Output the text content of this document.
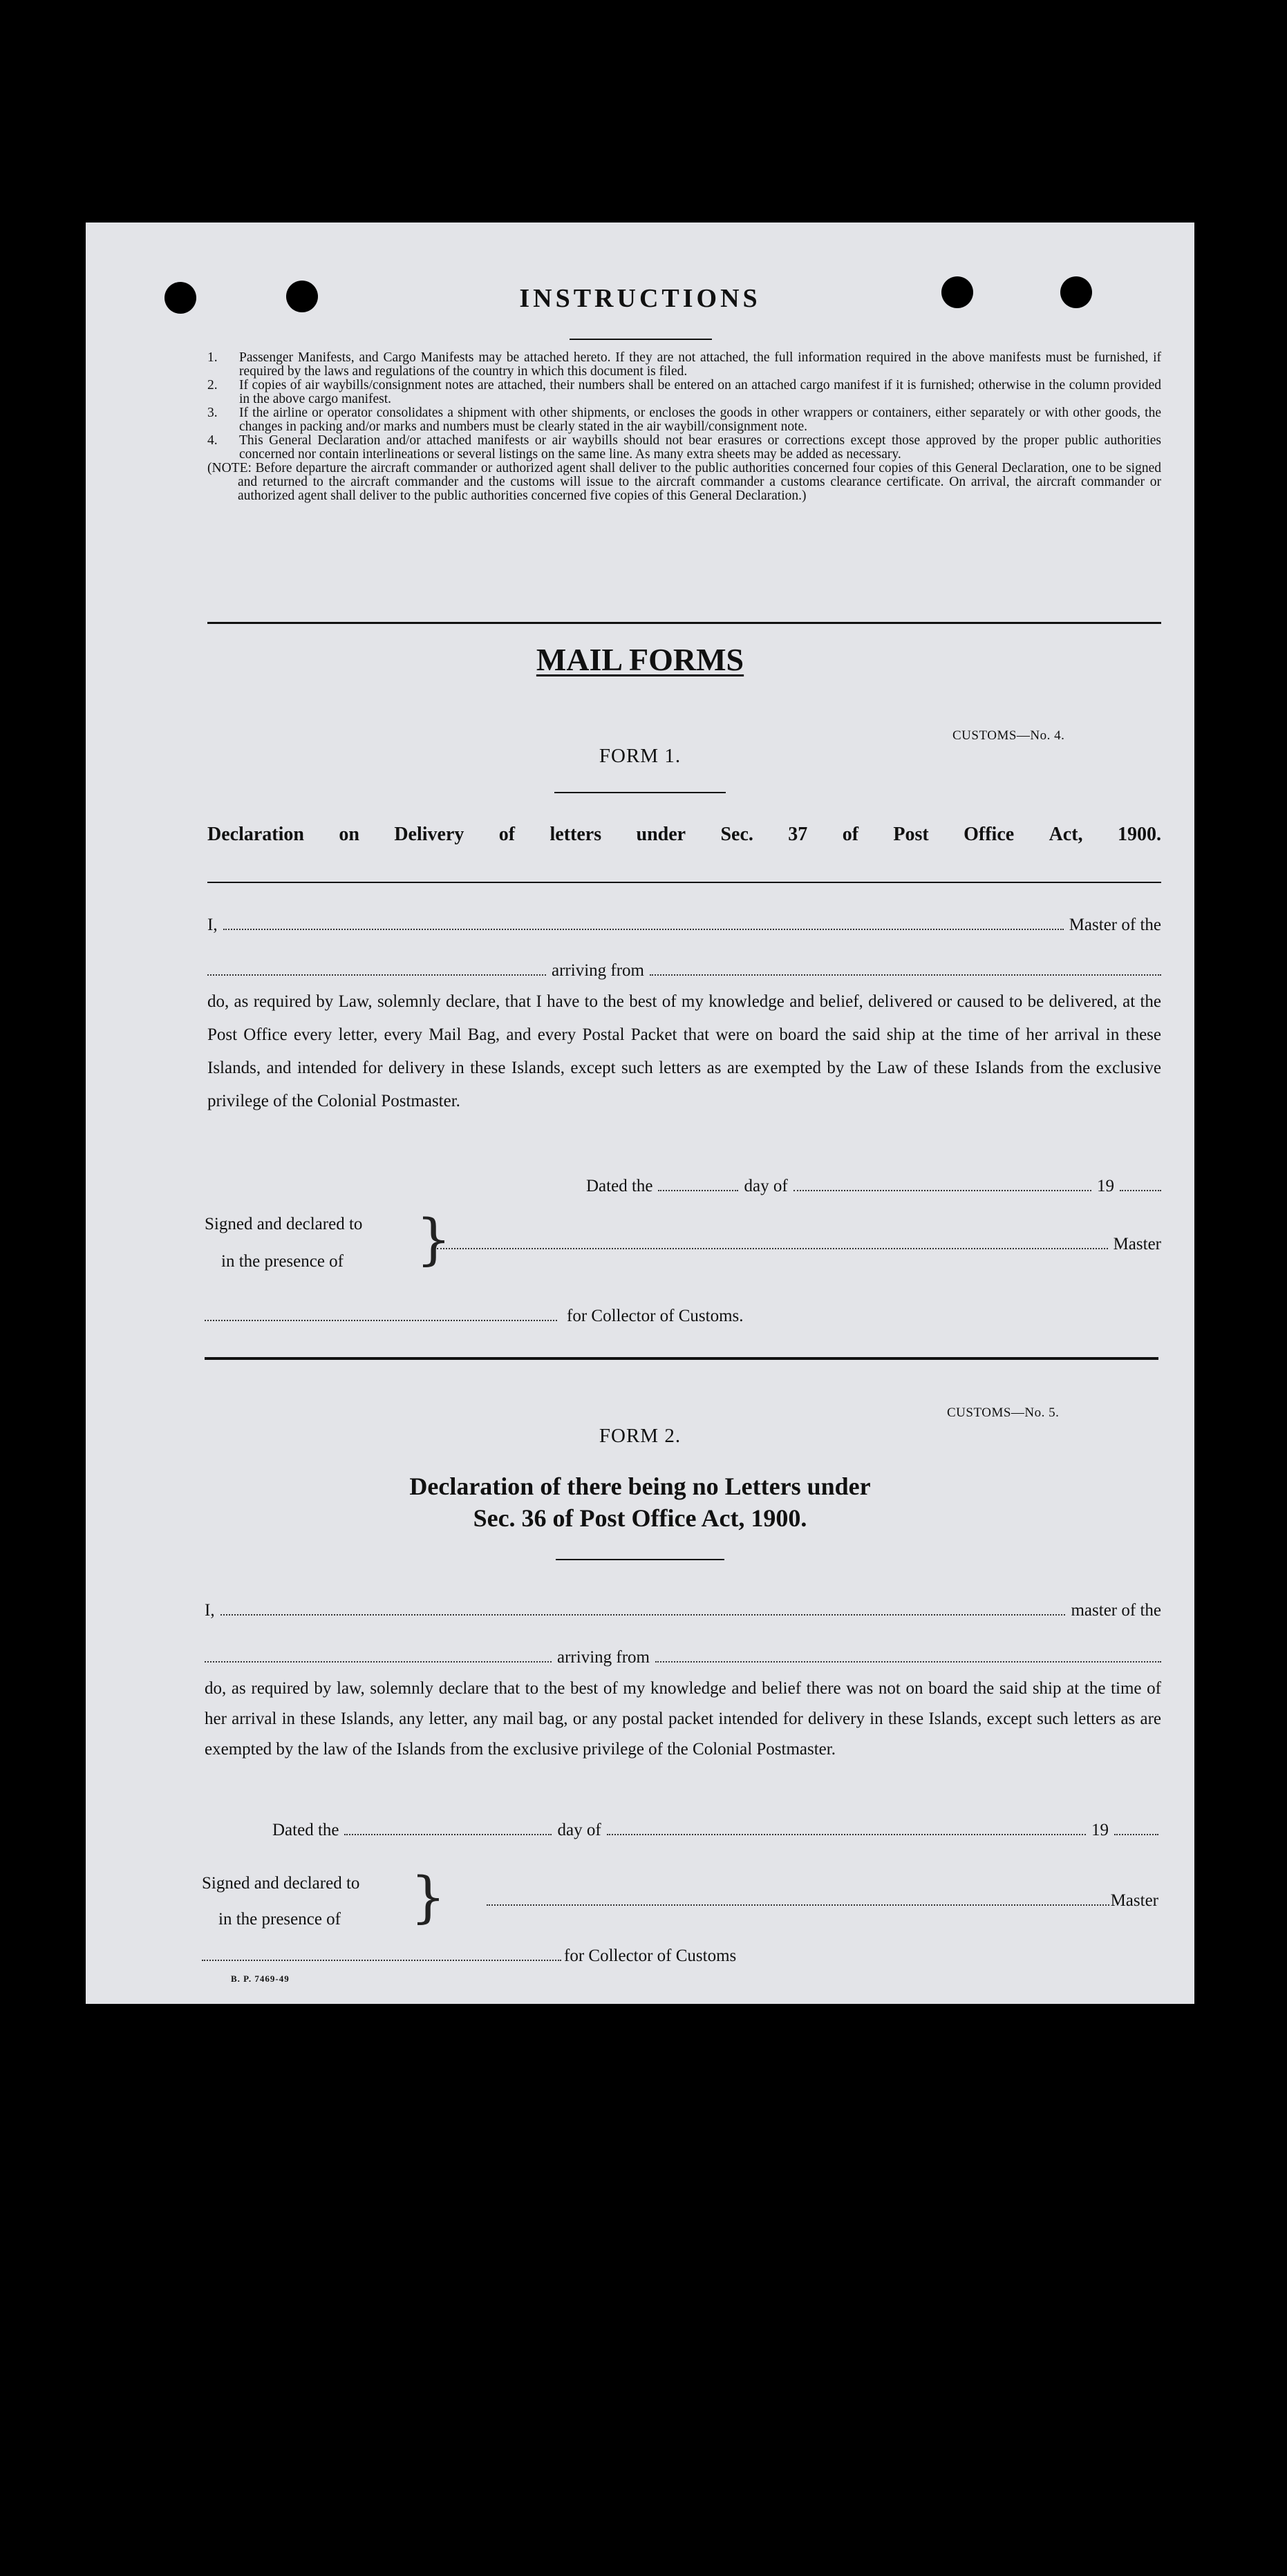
INSTRUCTIONS
1.	Passenger Manifests, and Cargo Manifests may be attached hereto. If they are not attached, the full information required in the above manifests must be furnished, if required by the laws and regulations of the country in which this document is filed.
2.	If copies of air waybills/consignment notes are attached, their numbers shall be entered on an attached cargo manifest if it is furnished; otherwise in the column provided in the above cargo manifest.
3.	If the airline or operator consolidates a shipment with other shipments, or encloses the goods in other wrappers or containers, either separately or with other goods, the changes in packing and/or marks and numbers must be clearly stated in the air waybill/consignment note.
4.	This General Declaration and/or attached manifests or air waybills should not bear erasures or corrections except those approved by the proper public authorities concerned nor contain interlineations or several listings on the same line. As many extra sheets may be added as necessary.
(NOTE: Before departure the aircraft commander or authorized agent shall deliver to the public authorities concerned four copies of this General Declaration, one to be signed and returned to the aircraft commander and the customs will issue to the aircraft commander a customs clearance certificate. On arrival, the aircraft commander or authorized agent shall deliver to the public authorities concerned five copies of this General Declaration.)
MAIL FORMS
CUSTOMS—No. 4.
FORM 1.
Declaration on Delivery of letters under Sec. 37 of Post Office Act, 1900.
I,	Master of the
arriving from
do, as required by Law, solemnly declare, that I have to the best of my knowledge and belief, delivered or caused to be delivered, at the Post Office every letter, every Mail Bag, and every Postal Packet that were on board the said ship at the time of her arrival in these Islands, and intended for delivery in these Islands, except such letters as are exempted by the Law of these Islands from the exclusive privilege of the Colonial Postmaster.
Dated the	day of	19
Signed and declared to
in the presence of }	Master
for Collector of Customs.
CUSTOMS—No. 5.
FORM 2.
Declaration of there being no Letters under
Sec. 36 of Post Office Act, 1900.
I,	master of the
arriving from
do, as required by law, solemnly declare that to the best of my knowledge and belief there was not on board the said ship at the time of her arrival in these Islands, any letter, any mail bag, or any postal packet intended for delivery in these Islands, except such letters as are exempted by the law of the Islands from the exclusive privilege of the Colonial Postmaster.
Dated the	day of	19
Signed and declared to
in the presence of }	Master
for Collector of Customs
B. P. 7469-49
